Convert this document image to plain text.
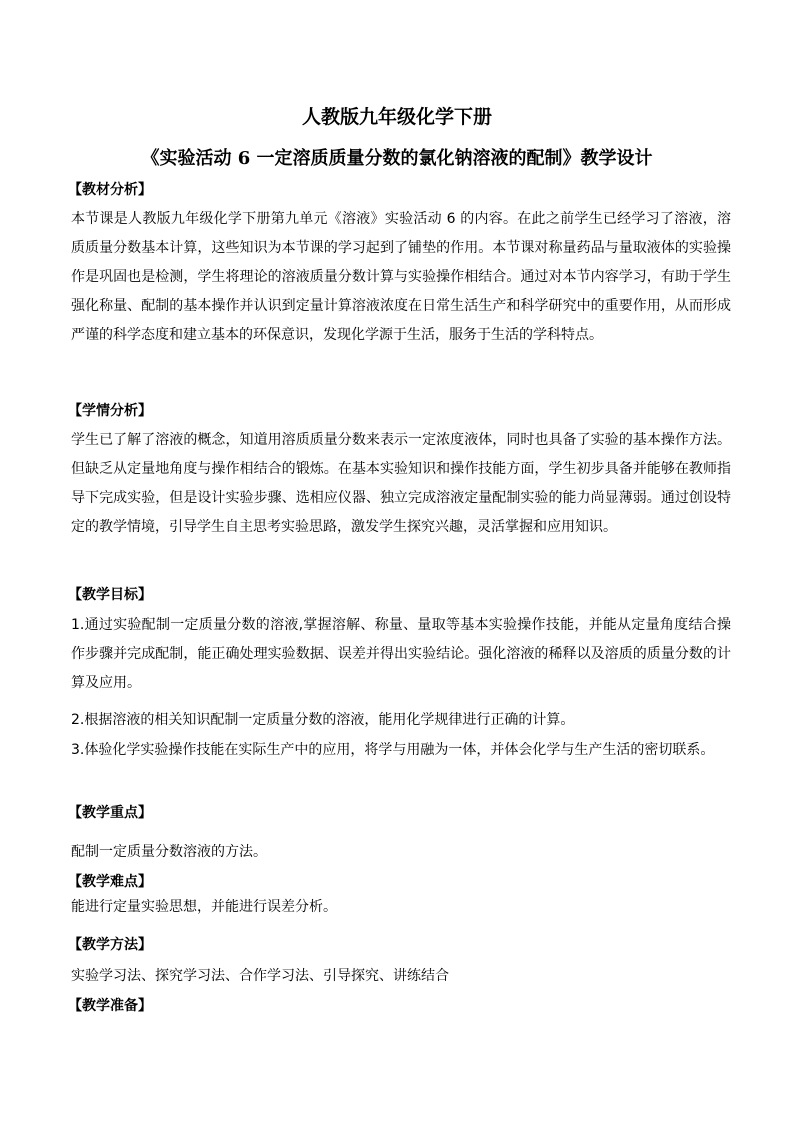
人教版九年级化学下册
《实验活动 6 一定溶质质量分数的氯化钠溶液的配制》教学设计
【教材分析】

本节课是人教版九年级化学下册第九单元《溶液》实验活动 6 的内容。在此之前学生已经学习了溶液，溶质质量分数基本计算，这些知识为本节课的学习起到了铺垫的作用。本节课对称量药品与量取液体的实验操作是巩固也是检测，学生将理论的溶液质量分数计算与实验操作相结合。通过对本节内容学习，有助于学生强化称量、配制的基本操作并认识到定量计算溶液浓度在日常生活生产和科学研究中的重要作用，从而形成严谨的科学态度和建立基本的环保意识，发现化学源于生活，服务于生活的学科特点。

【学情分析】

学生已了解了溶液的概念，知道用溶质质量分数来表示一定浓度液体，同时也具备了实验的基本操作方法。但缺乏从定量地角度与操作相结合的锻炼。在基本实验知识和操作技能方面，学生初步具备并能够在教师指导下完成实验，但是设计实验步骤、选相应仪器、独立完成溶液定量配制实验的能力尚显薄弱。通过创设特定的教学情境，引导学生自主思考实验思路，激发学生探究兴趣，灵活掌握和应用知识。

【教学目标】

1.通过实验配制一定质量分数的溶液,掌握溶解、称量、量取等基本实验操作技能，并能从定量角度结合操作步骤并完成配制，能正确处理实验数据、误差并得出实验结论。强化溶液的稀释以及溶质的质量分数的计算及应用。

2.根据溶液的相关知识配制一定质量分数的溶液，能用化学规律进行正确的计算。

3.体验化学实验操作技能在实际生产中的应用，将学与用融为一体，并体会化学与生产生活的密切联系。

【教学重点】
配制一定质量分数溶液的方法。
【教学难点】
能进行定量实验思想，并能进行误差分析。
【教学方法】
实验学习法、探究学习法、合作学习法、引导探究、讲练结合
【教学准备】
